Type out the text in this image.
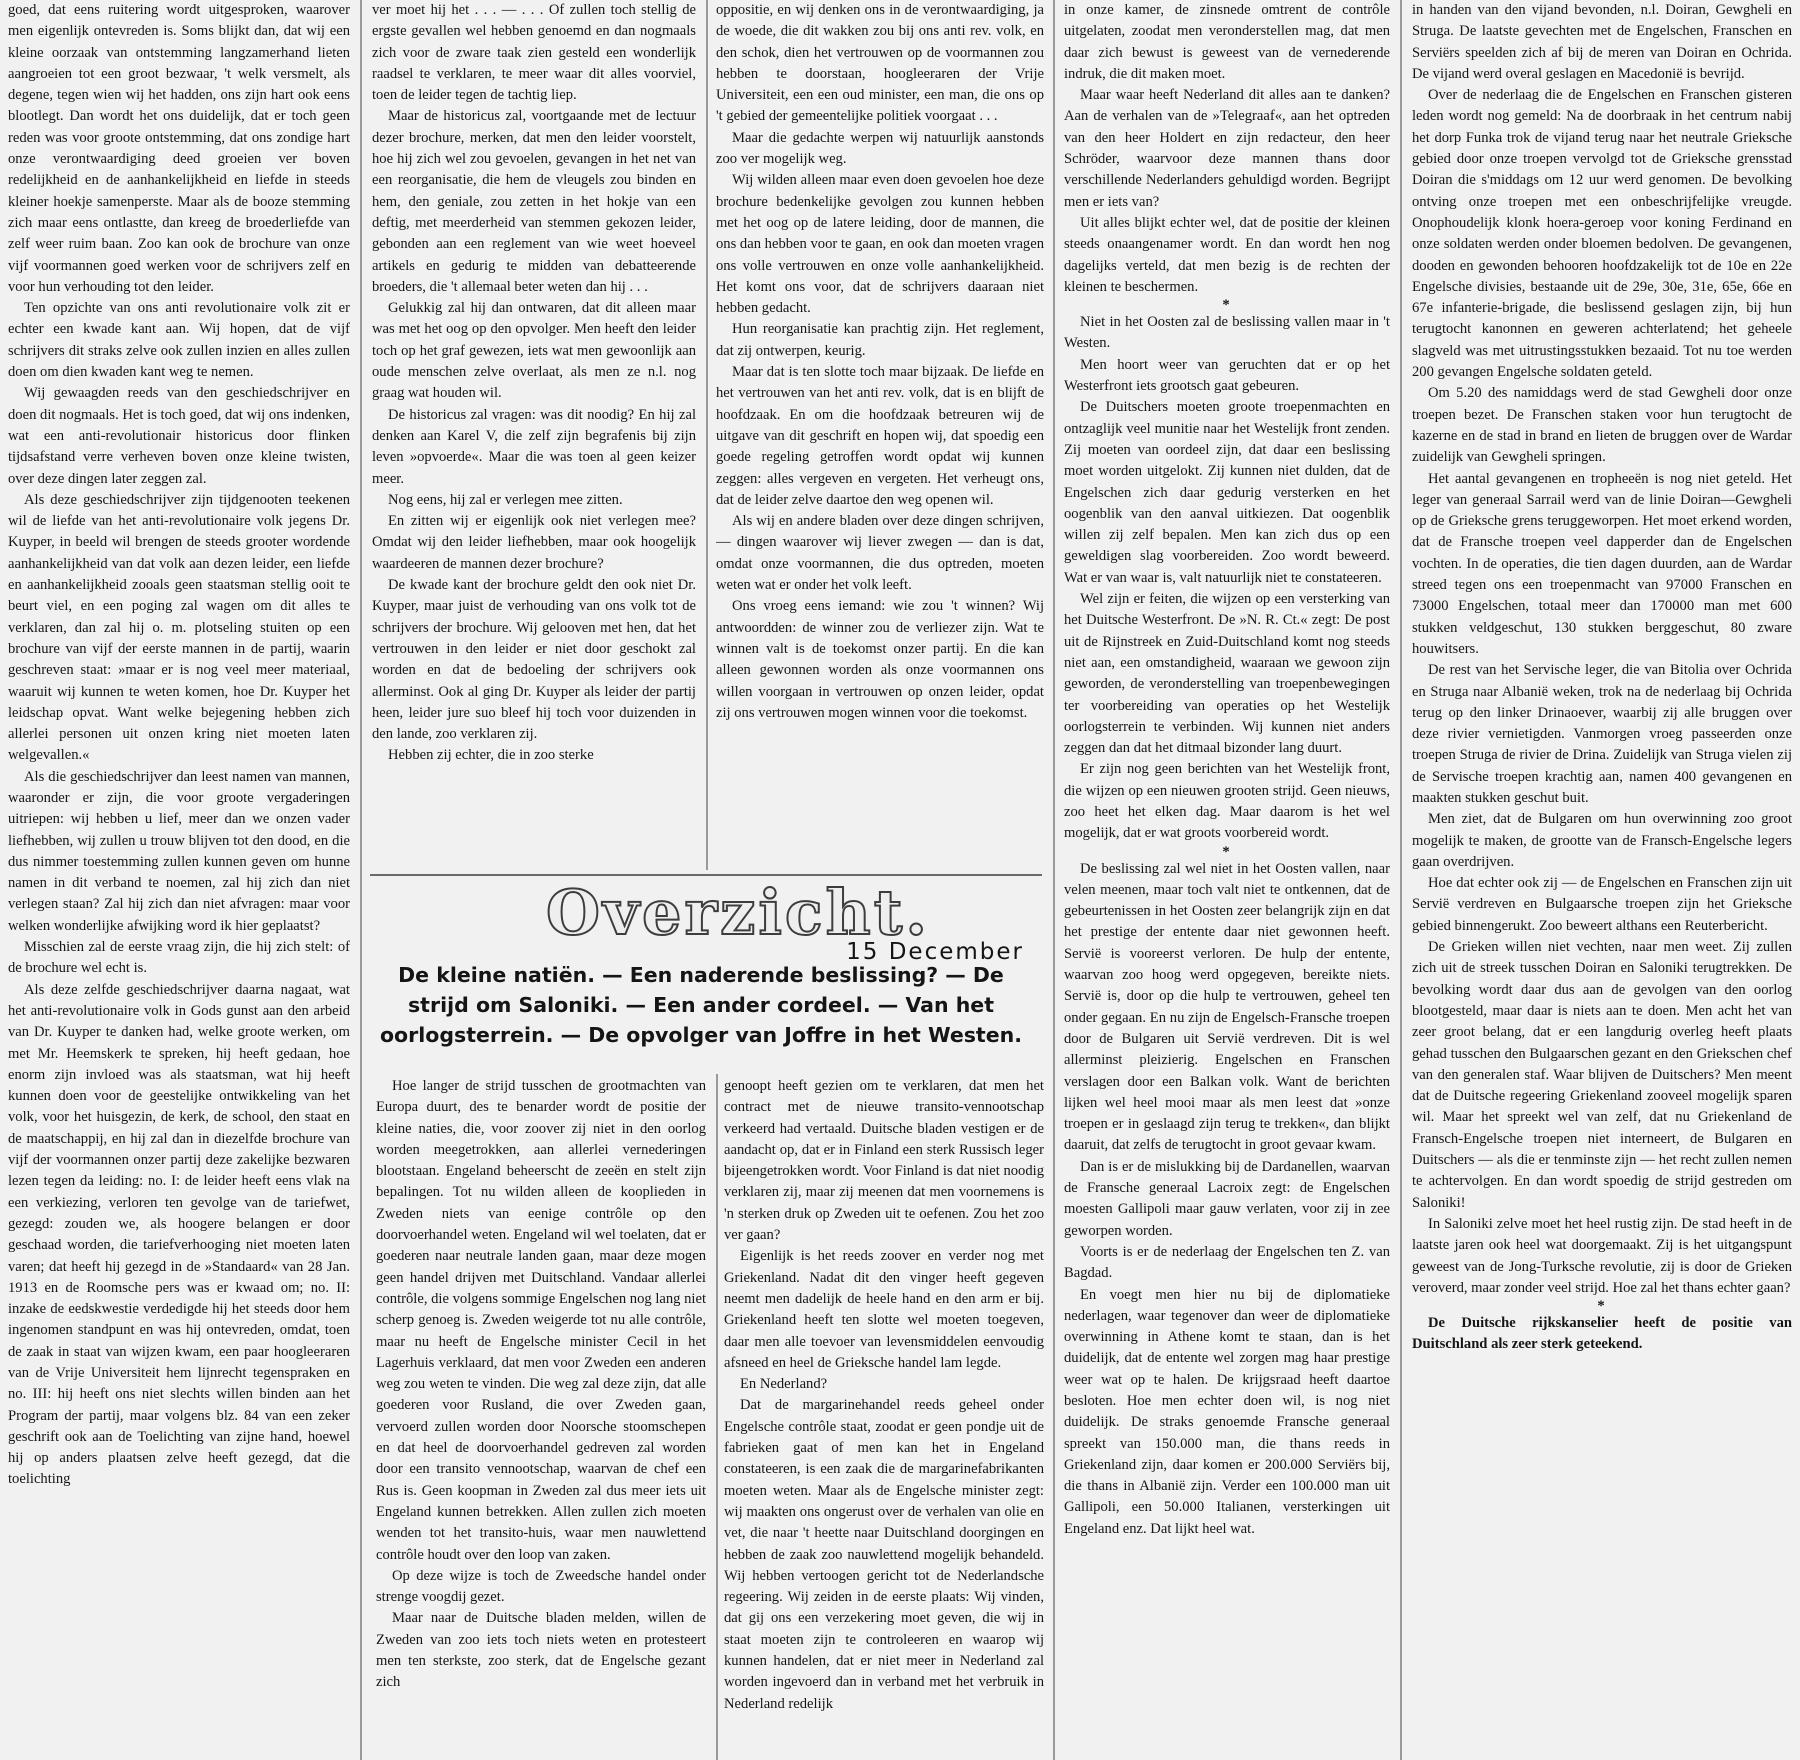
goed, dat eens ruitering wordt uitgesproken, waarover men eigenlijk ontevreden is. Soms blijkt dan, dat wij een kleine oorzaak van ontstemming langzamerhand lieten aangroeien tot een groot bezwaar, 't welk versmelt, als degene, tegen wien wij het hadden, ons zijn hart ook eens blootlegt. Dan wordt het ons duidelijk, dat er toch geen reden was voor groote ontstemming, dat ons zondige hart onze verontwaardiging deed groeien ver boven redelijkheid en de aanhankelijkheid en liefde in steeds kleiner hoekje samenperste. Maar als de booze stemming zich maar eens ontlastte, dan kreeg de broederliefde van zelf weer ruim baan. Zoo kan ook de brochure van onze vijf voormannen goed werken voor de schrijvers zelf en voor hun verhouding tot den leider.

Ten opzichte van ons anti revolutionaire volk zit er echter een kwade kant aan. Wij hopen, dat de vijf schrijvers dit straks zelve ook zullen inzien en alles zullen doen om dien kwaden kant weg te nemen.

Wij gewaagden reeds van den geschiedschrijver en doen dit nogmaals. Het is toch goed, dat wij ons indenken, wat een anti-revolutionair historicus door flinken tijdsafstand verre verheven boven onze kleine twisten, over deze dingen later zeggen zal.

Als deze geschiedschrijver zijn tijdgenooten teekenen wil de liefde van het anti-revolutionaire volk jegens Dr. Kuyper, in beeld wil brengen de steeds grooter wordende aanhankelijkheid van dat volk aan dezen leider, een liefde en aanhankelijkheid zooals geen staatsman stellig ooit te beurt viel, en een poging zal wagen om dit alles te verklaren, dan zal hij o. m. plotseling stuiten op een brochure van vijf der eerste mannen in de partij, waarin geschreven staat: »maar er is nog veel meer materiaal, waaruit wij kunnen te weten komen, hoe Dr. Kuyper het leidschap opvat. Want welke bejegening hebben zich allerlei personen uit onzen kring niet moeten laten welgevallen.«

Als die geschiedschrijver dan leest namen van mannen, waaronder er zijn, die voor groote vergaderingen uitriepen: wij hebben u lief, meer dan we onzen vader liefhebben, wij zullen u trouw blijven tot den dood, en die dus nimmer toestemming zullen kunnen geven om hunne namen in dit verband te noemen, zal hij zich dan niet verlegen staan? Zal hij zich dan niet afvragen: maar voor welken wonderlijke afwijking word ik hier geplaatst?

Misschien zal de eerste vraag zijn, die hij zich stelt: of de brochure wel echt is.

Als deze zelfde geschiedschrijver daarna nagaat, wat het anti-revolutionaire volk in Gods gunst aan den arbeid van Dr. Kuyper te danken had, welke groote werken, om met Mr. Heemskerk te spreken, hij heeft gedaan, hoe enorm zijn invloed was als staatsman, wat hij heeft kunnen doen voor de geestelijke ontwikkeling van het volk, voor het huisgezin, de kerk, de school, den staat en de maatschappij, en hij zal dan in diezelfde brochure van vijf der voormannen onzer partij deze zakelijke bezwaren lezen tegen da leiding: no. I: de leider heeft eens vlak na een verkiezing, verloren ten gevolge van de tariefwet, gezegd: zouden we, als hoogere belangen er door geschaad worden, die tariefverhooging niet moeten laten varen; dat heeft hij gezegd in de »Standaard« van 28 Jan. 1913 en de Roomsche pers was er kwaad om; no. II: inzake de eedskwestie verdedigde hij het steeds door hem ingenomen standpunt en was hij ontevreden, omdat, toen de zaak in staat van wijzen kwam, een paar hoogleeraren van de Vrije Universiteit hem lijnrecht tegenspraken en no. III: hij heeft ons niet slechts willen binden aan het Program der partij, maar volgens blz. 84 van een zeker geschrift ook aan de Toelichting van zijne hand, hoewel hij op anders plaatsen zelve heeft gezegd, dat die toelichting

ver moet hij het . . . — . . . Of zullen toch stellig de ergste gevallen wel hebben genoemd en dan nogmaals zich voor de zware taak zien gesteld een wonderlijk raadsel te verklaren, te meer waar dit alles voorviel, toen de leider tegen de tachtig liep.

Maar de historicus zal, voortgaande met de lectuur dezer brochure, merken, dat men den leider voorstelt, hoe hij zich wel zou gevoelen, gevangen in het net van een reorganisatie, die hem de vleugels zou binden en hem, den geniale, zou zetten in het hokje van een deftig, met meerderheid van stemmen gekozen leider, gebonden aan een reglement van wie weet hoeveel artikels en gedurig te midden van debatteerende broeders, die 't allemaal beter weten dan hij . . .

Gelukkig zal hij dan ontwaren, dat dit alleen maar was met het oog op den opvolger. Men heeft den leider toch op het graf gewezen, iets wat men gewoonlijk aan oude menschen zelve overlaat, als men ze n.l. nog graag wat houden wil.

De historicus zal vragen: was dit noodig? En hij zal denken aan Karel V, die zelf zijn begrafenis bij zijn leven »opvoerde«. Maar die was toen al geen keizer meer.

Nog eens, hij zal er verlegen mee zitten.

En zitten wij er eigenlijk ook niet verlegen mee? Omdat wij den leider liefhebben, maar ook hoogelijk waardeeren de mannen dezer brochure?

De kwade kant der brochure geldt den ook niet Dr. Kuyper, maar juist de verhouding van ons volk tot de schrijvers der brochure. Wij gelooven met hen, dat het vertrouwen in den leider er niet door geschokt zal worden en dat de bedoeling der schrijvers ook allerminst. Ook al ging Dr. Kuyper als leider der partij heen, leider jure suo bleef hij toch voor duizenden in den lande, zoo verklaren zij.

Hebben zij echter, die in zoo sterke

oppositie, en wij denken ons in de verontwaardiging, ja de woede, die dit wakken zou bij ons anti rev. volk, en den schok, dien het vertrouwen op de voormannen zou hebben te doorstaan, hoogleeraren der Vrije Universiteit, een een oud minister, een man, die ons op 't gebied der gemeentelijke politiek voorgaat . . .

Maar die gedachte werpen wij natuurlijk aanstonds zoo ver mogelijk weg.

Wij wilden alleen maar even doen gevoelen hoe deze brochure bedenkelijke gevolgen zou kunnen hebben met het oog op de latere leiding, door de mannen, die ons dan hebben voor te gaan, en ook dan moeten vragen ons volle vertrouwen en onze volle aanhankelijkheid. Het komt ons voor, dat de schrijvers daaraan niet hebben gedacht.

Hun reorganisatie kan prachtig zijn. Het reglement, dat zij ontwerpen, keurig.

Maar dat is ten slotte toch maar bijzaak. De liefde en het vertrouwen van het anti rev. volk, dat is en blijft de hoofdzaak. En om die hoofdzaak betreuren wij de uitgave van dit geschrift en hopen wij, dat spoedig een goede regeling getroffen wordt opdat wij kunnen zeggen: alles vergeven en vergeten. Het verheugt ons, dat de leider zelve daartoe den weg openen wil.

Als wij en andere bladen over deze dingen schrijven, — dingen waarover wij liever zwegen — dan is dat, omdat onze voormannen, die dus optreden, moeten weten wat er onder het volk leeft.

Ons vroeg eens iemand: wie zou 't winnen? Wij antwoordden: de winner zou de verliezer zijn. Wat te winnen valt is de toekomst onzer partij. En die kan alleen gewonnen worden als onze voormannen ons willen voorgaan in vertrouwen op onzen leider, opdat zij ons vertrouwen mogen winnen voor die toekomst.

Overzicht.
15 December
De kleine natiën. — Een naderende beslissing? — De strijd om Saloniki. — Een ander cordeel. — Van het oorlogsterrein. — De opvolger van Joffre in het Westen.

Hoe langer de strijd tusschen de grootmachten van Europa duurt, des te benarder wordt de positie der kleine naties, die, voor zoover zij niet in den oorlog worden meegetrokken, aan allerlei vernederingen blootstaan. Engeland beheerscht de zeeën en stelt zijn bepalingen. Tot nu wilden alleen de kooplieden in Zweden niets van eenige contrôle op den doorvoerhandel weten. Engeland wil wel toelaten, dat er goederen naar neutrale landen gaan, maar deze mogen geen handel drijven met Duitschland. Vandaar allerlei contrôle, die volgens sommige Engelschen nog lang niet scherp genoeg is. Zweden weigerde tot nu alle contrôle, maar nu heeft de Engelsche minister Cecil in het Lagerhuis verklaard, dat men voor Zweden een anderen weg zou weten te vinden. Die weg zal deze zijn, dat alle goederen voor Rusland, die over Zweden gaan, vervoerd zullen worden door Noorsche stoomschepen en dat heel de doorvoerhandel gedreven zal worden door een transito vennootschap, waarvan de chef een Rus is. Geen koopman in Zweden zal dus meer iets uit Engeland kunnen betrekken. Allen zullen zich moeten wenden tot het transito-huis, waar men nauwlettend contrôle houdt over den loop van zaken.

Op deze wijze is toch de Zweedsche handel onder strenge voogdij gezet.

Maar naar de Duitsche bladen melden, willen de Zweden van zoo iets toch niets weten en protesteert men ten sterkste, zoo sterk, dat de Engelsche gezant zich

genoopt heeft gezien om te verklaren, dat men het contract met de nieuwe transito-vennootschap verkeerd had vertaald. Duitsche bladen vestigen er de aandacht op, dat er in Finland een sterk Russisch leger bijeengetrokken wordt. Voor Finland is dat niet noodig verklaren zij, maar zij meenen dat men voornemens is 'n sterken druk op Zweden uit te oefenen. Zou het zoo ver gaan?

Eigenlijk is het reeds zoover en verder nog met Griekenland. Nadat dit den vinger heeft gegeven neemt men dadelijk de heele hand en den arm er bij. Griekenland heeft ten slotte wel moeten toegeven, daar men alle toevoer van levensmiddelen eenvoudig afsneed en heel de Grieksche handel lam legde.

En Nederland?

Dat de margarinehandel reeds geheel onder Engelsche contrôle staat, zoodat er geen pondje uit de fabrieken gaat of men kan het in Engeland constateeren, is een zaak die de margarinefabrikanten moeten weten. Maar als de Engelsche minister zegt: wij maakten ons ongerust over de verhalen van olie en vet, die naar 't heette naar Duitschland doorgingen en hebben de zaak zoo nauwlettend mogelijk behandeld. Wij hebben vertoogen gericht tot de Nederlandsche regeering. Wij zeiden in de eerste plaats: Wij vinden, dat gij ons een verzekering moet geven, die wij in staat moeten zijn te controleeren en waarop wij kunnen handelen, dat er niet meer in Nederland zal worden ingevoerd dan in verband met het verbruik in Nederland redelijk

in onze kamer, de zinsnede omtrent de contrôle uitgelaten, zoodat men veronderstellen mag, dat men daar zich bewust is geweest van de vernederende indruk, die dit maken moet.

Maar waar heeft Nederland dit alles aan te danken? Aan de verhalen van de »Telegraaf«, aan het optreden van den heer Holdert en zijn redacteur, den heer Schröder, waarvoor deze mannen thans door verschillende Nederlanders gehuldigd worden. Begrijpt men er iets van?

Uit alles blijkt echter wel, dat de positie der kleinen steeds onaangenamer wordt. En dan wordt hen nog dagelijks verteld, dat men bezig is de rechten der kleinen te beschermen.

*

Niet in het Oosten zal de beslissing vallen maar in 't Westen.

Men hoort weer van geruchten dat er op het Westerfront iets grootsch gaat gebeuren.

De Duitschers moeten groote troepenmachten en ontzaglijk veel munitie naar het Westelijk front zenden. Zij moeten van oordeel zijn, dat daar een beslissing moet worden uitgelokt. Zij kunnen niet dulden, dat de Engelschen zich daar gedurig versterken en het oogenblik van den aanval uitkiezen. Dat oogenblik willen zij zelf bepalen. Men kan zich dus op een geweldigen slag voorbereiden. Zoo wordt beweerd. Wat er van waar is, valt natuurlijk niet te constateeren.

Wel zijn er feiten, die wijzen op een versterking van het Duitsche Westerfront. De »N. R. Ct.« zegt: De post uit de Rijnstreek en Zuid-Duitschland komt nog steeds niet aan, een omstandigheid, waaraan we gewoon zijn geworden, de veronderstelling van troepenbewegingen ter voorbereiding van operaties op het Westelijk oorlogsterrein te verbinden. Wij kunnen niet anders zeggen dan dat het ditmaal bizonder lang duurt.

Er zijn nog geen berichten van het Westelijk front, die wijzen op een nieuwen grooten strijd. Geen nieuws, zoo heet het elken dag. Maar daarom is het wel mogelijk, dat er wat groots voorbereid wordt.

*

De beslissing zal wel niet in het Oosten vallen, naar velen meenen, maar toch valt niet te ontkennen, dat de gebeurtenissen in het Oosten zeer belangrijk zijn en dat het prestige der entente daar niet gewonnen heeft. Servië is vooreerst verloren. De hulp der entente, waarvan zoo hoog werd opgegeven, bereikte niets. Servië is, door op die hulp te vertrouwen, geheel ten onder gegaan. En nu zijn de Engelsch-Fransche troepen door de Bulgaren uit Servië verdreven. Dit is wel allerminst pleizierig. Engelschen en Franschen verslagen door een Balkan volk. Want de berichten lijken wel heel mooi maar als men leest dat »onze troepen er in geslaagd zijn terug te trekken«, dan blijkt daaruit, dat zelfs de terugtocht in groot gevaar kwam.

Dan is er de mislukking bij de Dardanellen, waarvan de Fransche generaal Lacroix zegt: de Engelschen moesten Gallipoli maar gauw verlaten, voor zij in zee geworpen worden.

Voorts is er de nederlaag der Engelschen ten Z. van Bagdad.

En voegt men hier nu bij de diplomatieke nederlagen, waar tegenover dan weer de diplomatieke overwinning in Athene komt te staan, dan is het duidelijk, dat de entente wel zorgen mag haar prestige weer wat op te halen. De krijgsraad heeft daartoe besloten. Hoe men echter doen wil, is nog niet duidelijk. De straks genoemde Fransche generaal spreekt van 150.000 man, die thans reeds in Griekenland zijn, daar komen er 200.000 Serviërs bij, die thans in Albanië zijn. Verder een 100.000 man uit Gallipoli, een 50.000 Italianen, versterkingen uit Engeland enz. Dat lijkt heel wat.

in handen van den vijand bevonden, n.l. Doiran, Gewgheli en Struga. De laatste gevechten met de Engelschen, Franschen en Serviërs speelden zich af bij de meren van Doiran en Ochrida. De vijand werd overal geslagen en Macedonië is bevrijd.

Over de nederlaag die de Engelschen en Franschen gisteren leden wordt nog gemeld: Na de doorbraak in het centrum nabij het dorp Funka trok de vijand terug naar het neutrale Grieksche gebied door onze troepen vervolgd tot de Grieksche grensstad Doiran die s'middags om 12 uur werd genomen. De bevolking ontving onze troepen met een onbeschrijfelijke vreugde. Onophoudelijk klonk hoera-geroep voor koning Ferdinand en onze soldaten werden onder bloemen bedolven. De gevangenen, dooden en gewonden behooren hoofdzakelijk tot de 10e en 22e Engelsche divisies, bestaande uit de 29e, 30e, 31e, 65e, 66e en 67e infanterie-brigade, die beslissend geslagen zijn, bij hun terugtocht kanonnen en geweren achterlatend; het geheele slagveld was met uitrustingsstukken bezaaid. Tot nu toe werden 200 gevangen Engelsche soldaten geteld.

Om 5.20 des namiddags werd de stad Gewgheli door onze troepen bezet. De Franschen staken voor hun terugtocht de kazerne en de stad in brand en lieten de bruggen over de Wardar zuidelijk van Gewgheli springen.

Het aantal gevangenen en tropheeën is nog niet geteld. Het leger van generaal Sarrail werd van de linie Doiran—Gewgheli op de Grieksche grens teruggeworpen. Het moet erkend worden, dat de Fransche troepen veel dapperder dan de Engelschen vochten. In de operaties, die tien dagen duurden, aan de Wardar streed tegen ons een troepenmacht van 97000 Franschen en 73000 Engelschen, totaal meer dan 170000 man met 600 stukken veldgeschut, 130 stukken berggeschut, 80 zware houwitsers.

De rest van het Servische leger, die van Bitolia over Ochrida en Struga naar Albanië weken, trok na de nederlaag bij Ochrida terug op den linker Drinaoever, waarbij zij alle bruggen over deze rivier vernietigden. Vanmorgen vroeg passeerden onze troepen Struga de rivier de Drina. Zuidelijk van Struga vielen zij de Servische troepen krachtig aan, namen 400 gevangenen en maakten stukken geschut buit.

Men ziet, dat de Bulgaren om hun overwinning zoo groot mogelijk te maken, de grootte van de Fransch-Engelsche legers gaan overdrijven.

Hoe dat echter ook zij — de Engelschen en Franschen zijn uit Servië verdreven en Bulgaarsche troepen zijn het Grieksche gebied binnengerukt. Zoo beweert althans een Reuterbericht.

De Grieken willen niet vechten, naar men weet. Zij zullen zich uit de streek tusschen Doiran en Saloniki terugtrekken. De bevolking wordt daar dus aan de gevolgen van den oorlog blootgesteld, maar daar is niets aan te doen. Men acht het van zeer groot belang, dat er een langdurig overleg heeft plaats gehad tusschen den Bulgaarschen gezant en den Griekschen chef van den generalen staf. Waar blijven de Duitschers? Men meent dat de Duitsche regeering Griekenland zooveel mogelijk sparen wil. Maar het spreekt wel van zelf, dat nu Griekenland de Fransch-Engelsche troepen niet interneert, de Bulgaren en Duitschers — als die er tenminste zijn — het recht zullen nemen te achtervolgen. En dan wordt spoedig de strijd gestreden om Saloniki!

In Saloniki zelve moet het heel rustig zijn. De stad heeft in de laatste jaren ook heel wat doorgemaakt. Zij is het uitgangspunt geweest van de Jong-Turksche revolutie, zij is door de Grieken veroverd, maar zonder veel strijd. Hoe zal het thans echter gaan?

*

De Duitsche rijkskanselier heeft de positie van Duitschland als zeer sterk geteekend.
